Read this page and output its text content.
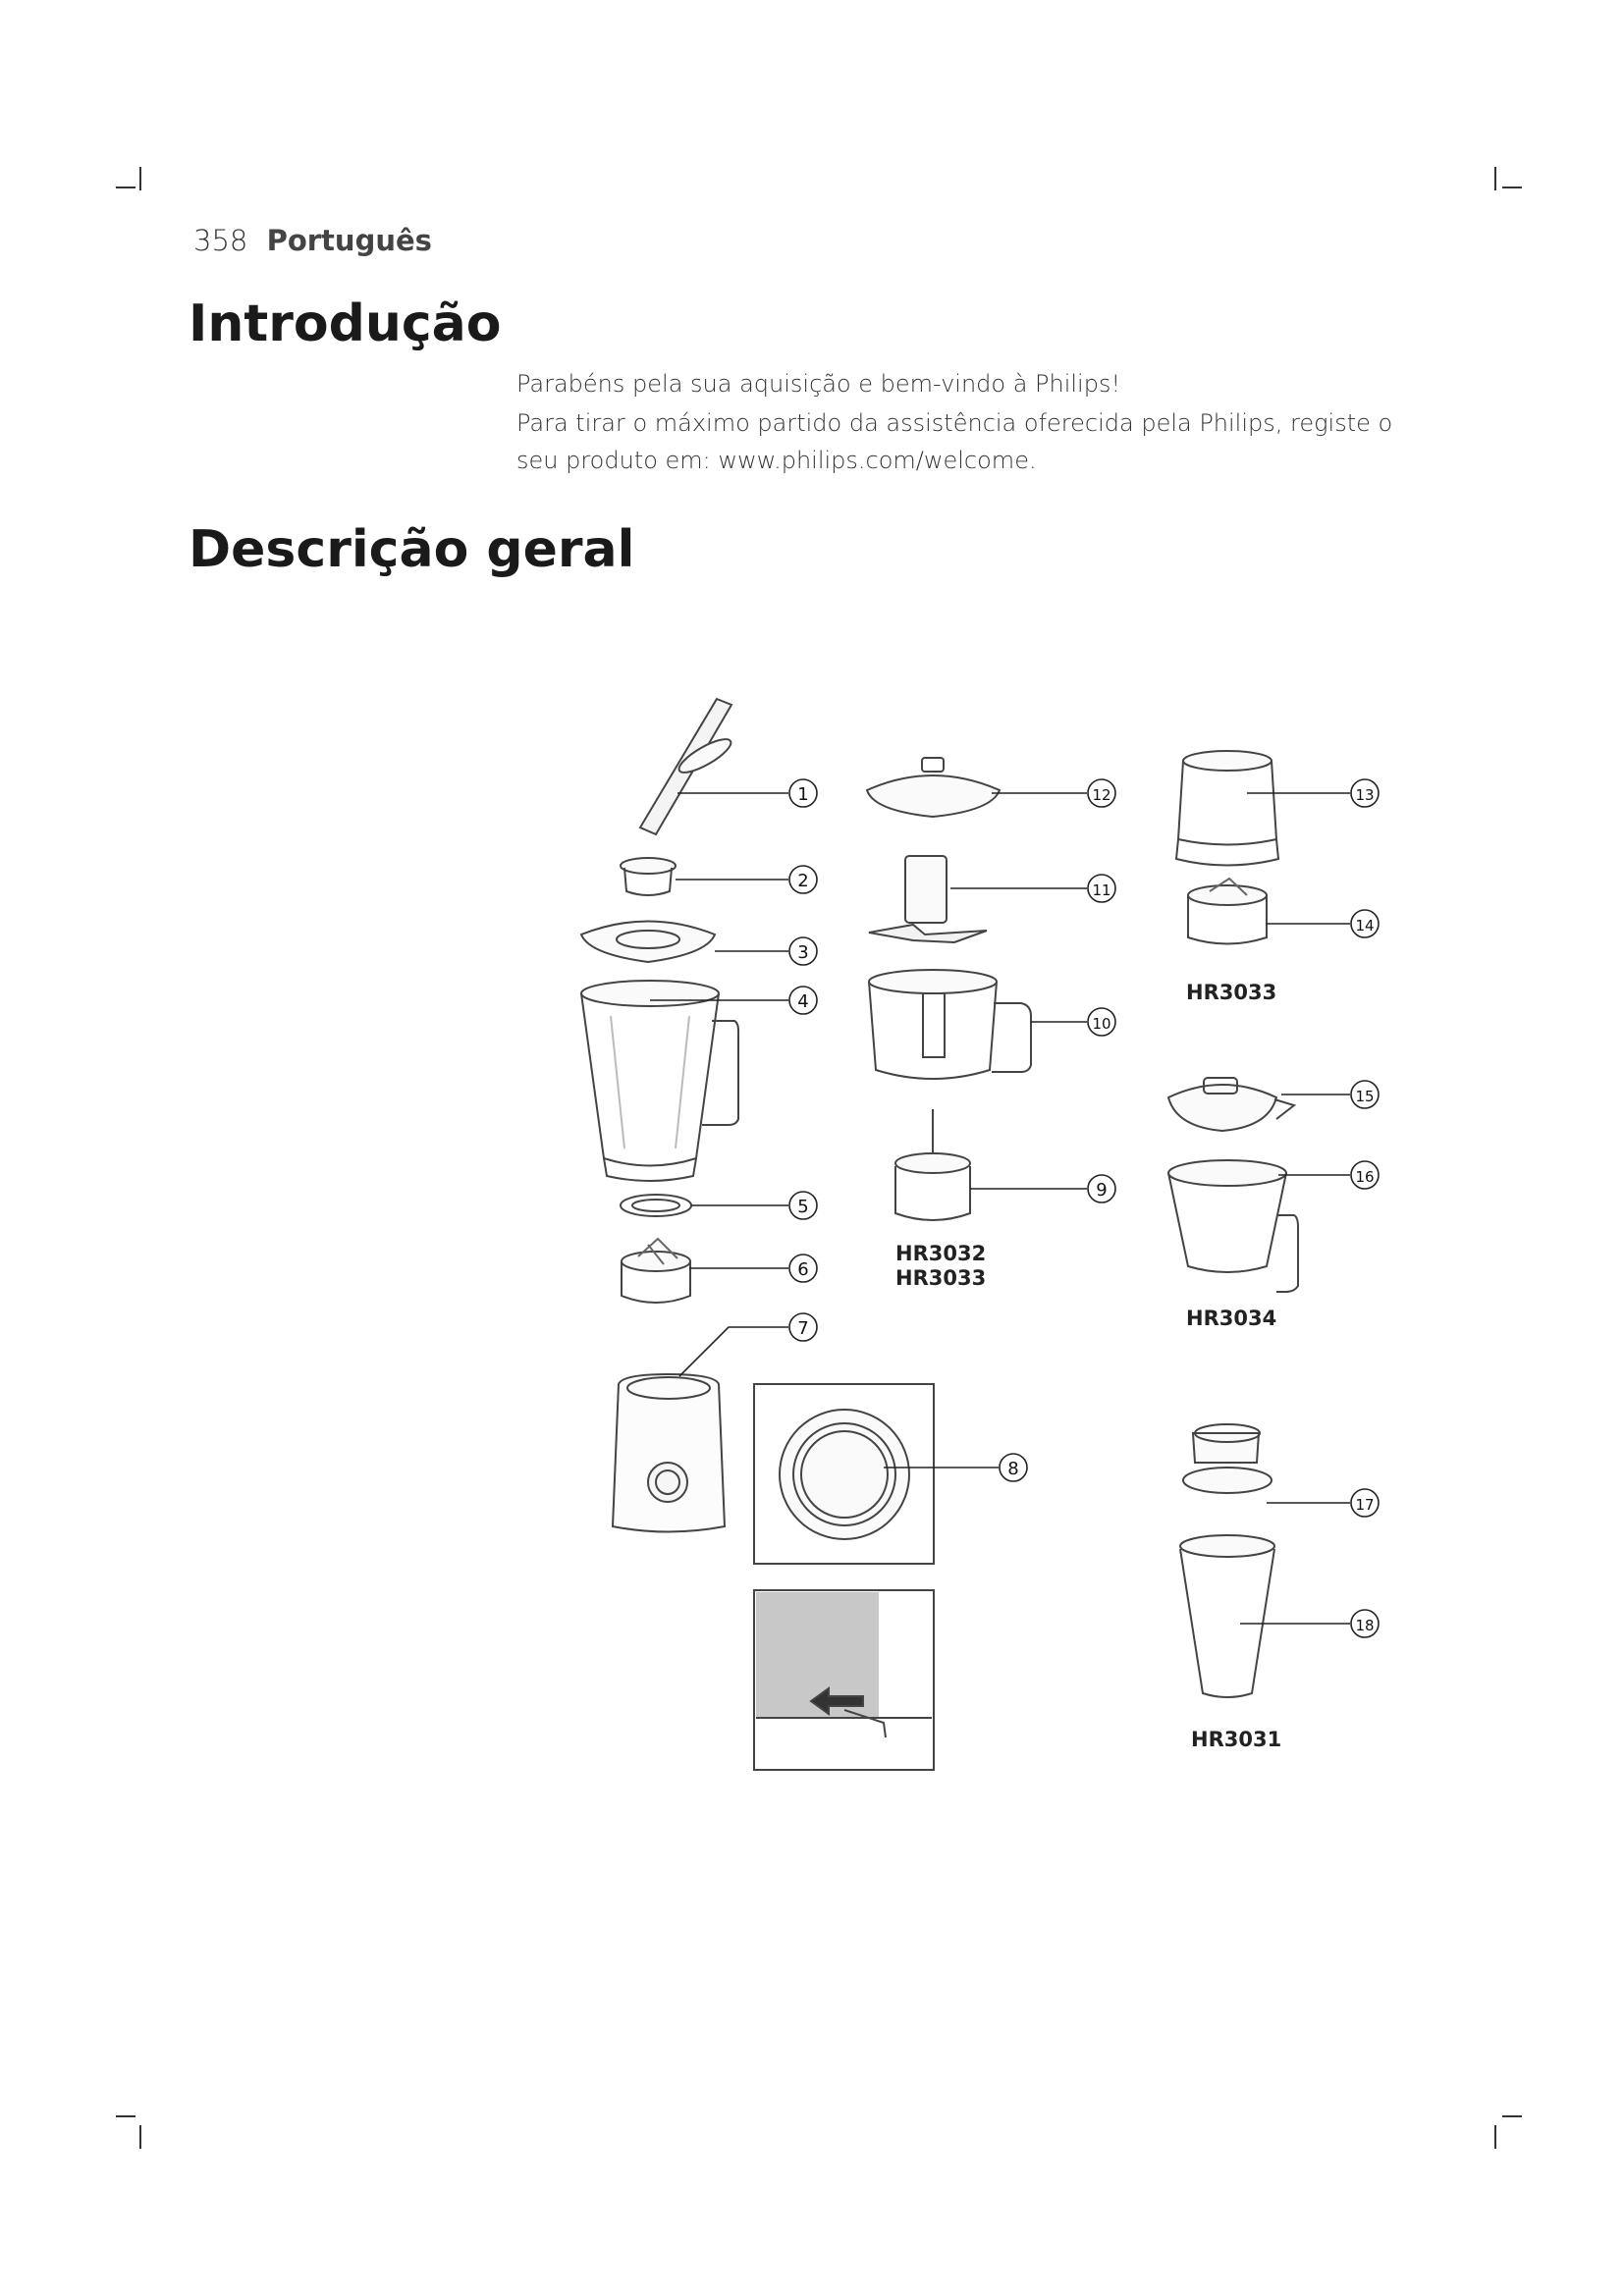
358 Português
Introdução
Parabéns pela sua aquisição e bem-vindo à Philips!
Para tirar o máximo partido da assistência oferecida pela Philips, registe o seu produto em: www.philips.com/welcome.
Descrição geral
1
2
3
4
5
6
7
8
9
10
11
12	13
14
15
16
17
18
HR3033
HR3032
HR3033
HR3034
HR3031
